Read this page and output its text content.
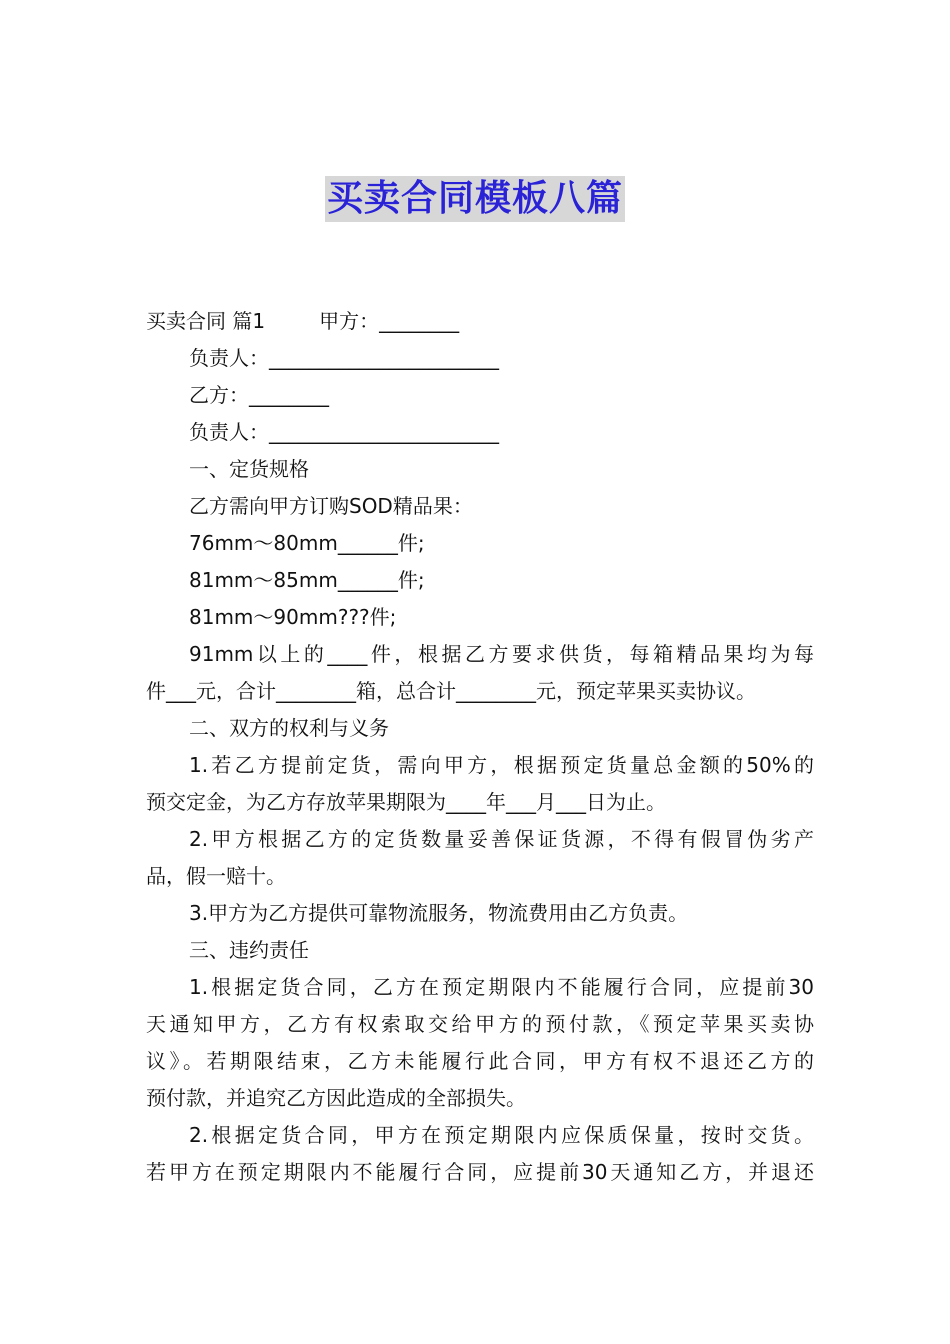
买卖合同模板八篇
买卖合同 篇1	甲方：________
负责人：_______________________
乙方：________
负责人：_______________________
一、定货规格
乙方需向甲方订购SOD精品果：
76mm～80mm______件;
81mm～85mm______件;
81mm～90mm???件;
91mm以上的____件，根据乙方要求供货，每箱精品果均为每
件___元，合计________箱，总合计________元，预定苹果买卖协议。
二、双方的权利与义务
1.若乙方提前定货，需向甲方，根据预定货量总金额的50%的
预交定金，为乙方存放苹果期限为____年___月___日为止。
2.甲方根据乙方的定货数量妥善保证货源，不得有假冒伪劣产
品，假一赔十。
3.甲方为乙方提供可靠物流服务，物流费用由乙方负责。
三、违约责任
1.根据定货合同，乙方在预定期限内不能履行合同，应提前30
天通知甲方，乙方有权索取交给甲方的预付款，《预定苹果买卖协
议》。若期限结束，乙方未能履行此合同，甲方有权不退还乙方的
预付款，并追究乙方因此造成的全部损失。
2.根据定货合同，甲方在预定期限内应保质保量，按时交货。
若甲方在预定期限内不能履行合同，应提前30天通知乙方，并退还
